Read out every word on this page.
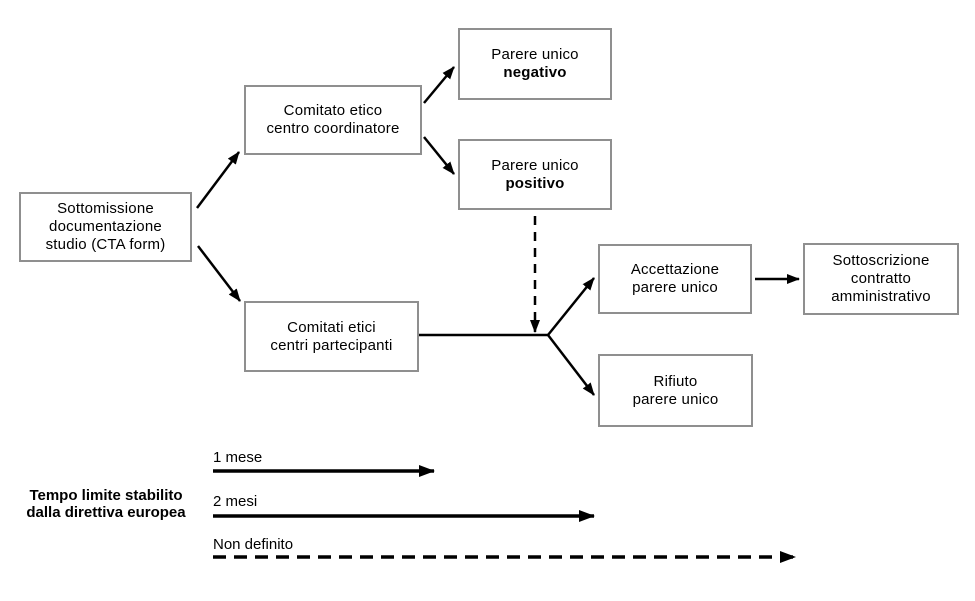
Sottomissione
documentazione
studio (CTA form)
Comitato etico
centro coordinatore
Parere unico
negativo
Parere unico
positivo
Comitati etici
centri partecipanti
Accettazione
parere unico
Sottoscrizione
contratto
amministrativo
Rifiuto
parere unico
Tempo limite stabilito
dalla direttiva europea
1 mese
2 mesi
Non definito
